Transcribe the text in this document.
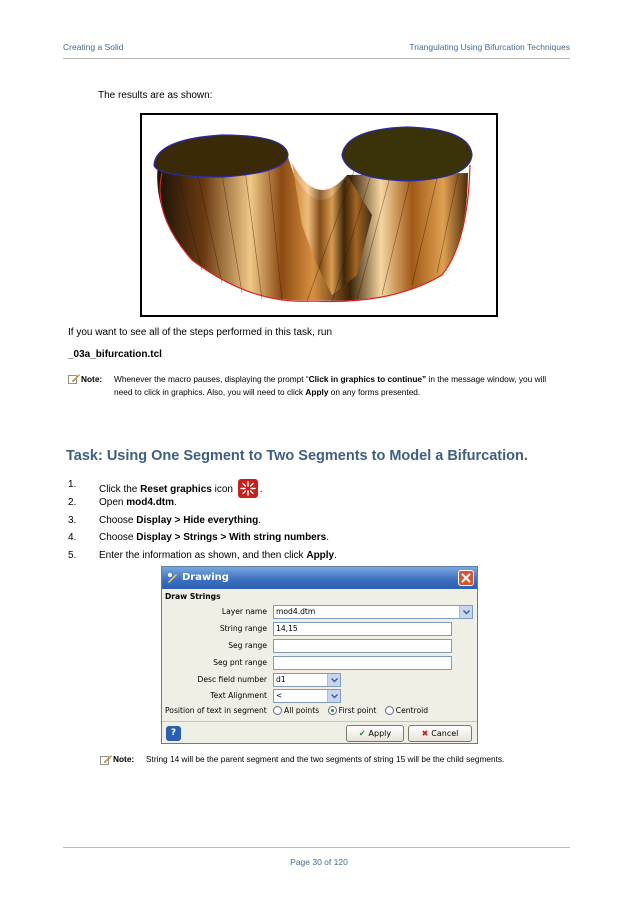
Creating a Solid	Triangulating Using Bifurcation Techniques
The results are as shown:
If you want to see all of the steps performed in this task, run
_03a_bifurcation.tcl
Note: Whenever the macro pauses, displaying the prompt “Click in graphics to continue” in the message window, you will need to click in graphics. Also, you will need to click Apply on any forms presented.
Task: Using One Segment to Two Segments to Model a Bifurcation.
1. Click the Reset graphics icon	.
2. Open mod4.dtm.
3. Choose Display > Hide everything.
4. Choose Display > Strings > With string numbers.
5. Enter the information as shown, and then click Apply.
Drawing
Draw Strings
Layer name	mod4.dtm
String range	14,15
Seg range
Seg pnt range
Desc field number	d1
Text Alignment	<
Position of text in segment	All points	First point	Centroid
?	✔ Apply	✖ Cancel
Note: String 14 will be the parent segment and the two segments of string 15 will be the child segments.
Page 30 of 120
